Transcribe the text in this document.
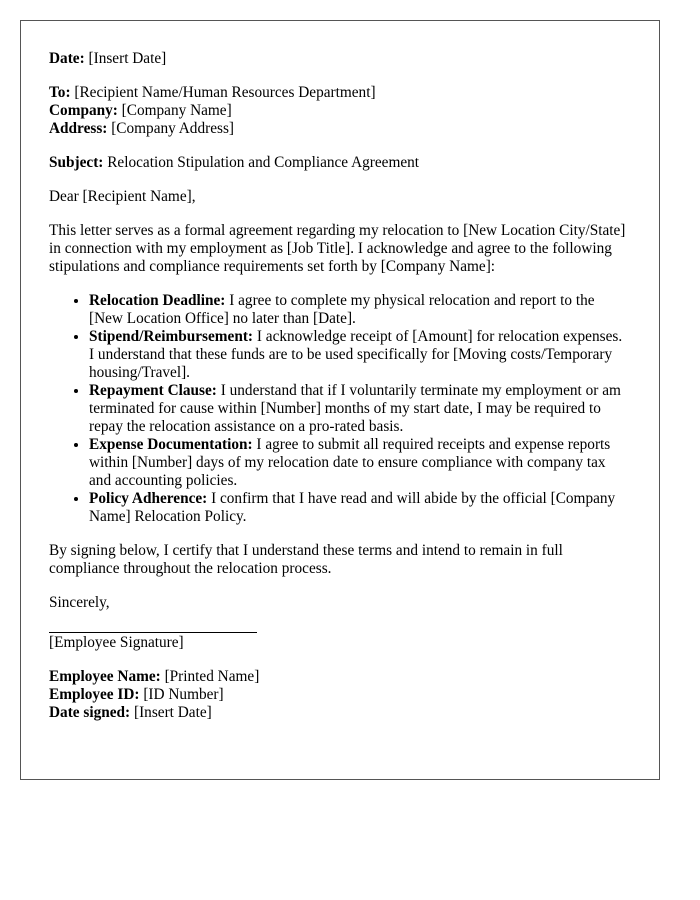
Date: [Insert Date]
To: [Recipient Name/Human Resources Department]
Company: [Company Name]
Address: [Company Address]
Subject: Relocation Stipulation and Compliance Agreement

Dear [Recipient Name],

This letter serves as a formal agreement regarding my relocation to [New Location City/State] in connection with my employment as [Job Title]. I acknowledge and agree to the following stipulations and compliance requirements set forth by [Company Name]:

• Relocation Deadline: I agree to complete my physical relocation and report to the [New Location Office] no later than [Date].
• Stipend/Reimbursement: I acknowledge receipt of [Amount] for relocation expenses. I understand that these funds are to be used specifically for [Moving costs/Temporary housing/Travel].
• Repayment Clause: I understand that if I voluntarily terminate my employment or am terminated for cause within [Number] months of my start date, I may be required to repay the relocation assistance on a pro-rated basis.
• Expense Documentation: I agree to submit all required receipts and expense reports within [Number] days of my relocation date to ensure compliance with company tax and accounting policies.
• Policy Adherence: I confirm that I have read and will abide by the official [Company Name] Relocation Policy.

By signing below, I certify that I understand these terms and intend to remain in full compliance throughout the relocation process.

Sincerely,

[Employee Signature]
Employee Name: [Printed Name]
Employee ID: [ID Number]
Date signed: [Insert Date]
